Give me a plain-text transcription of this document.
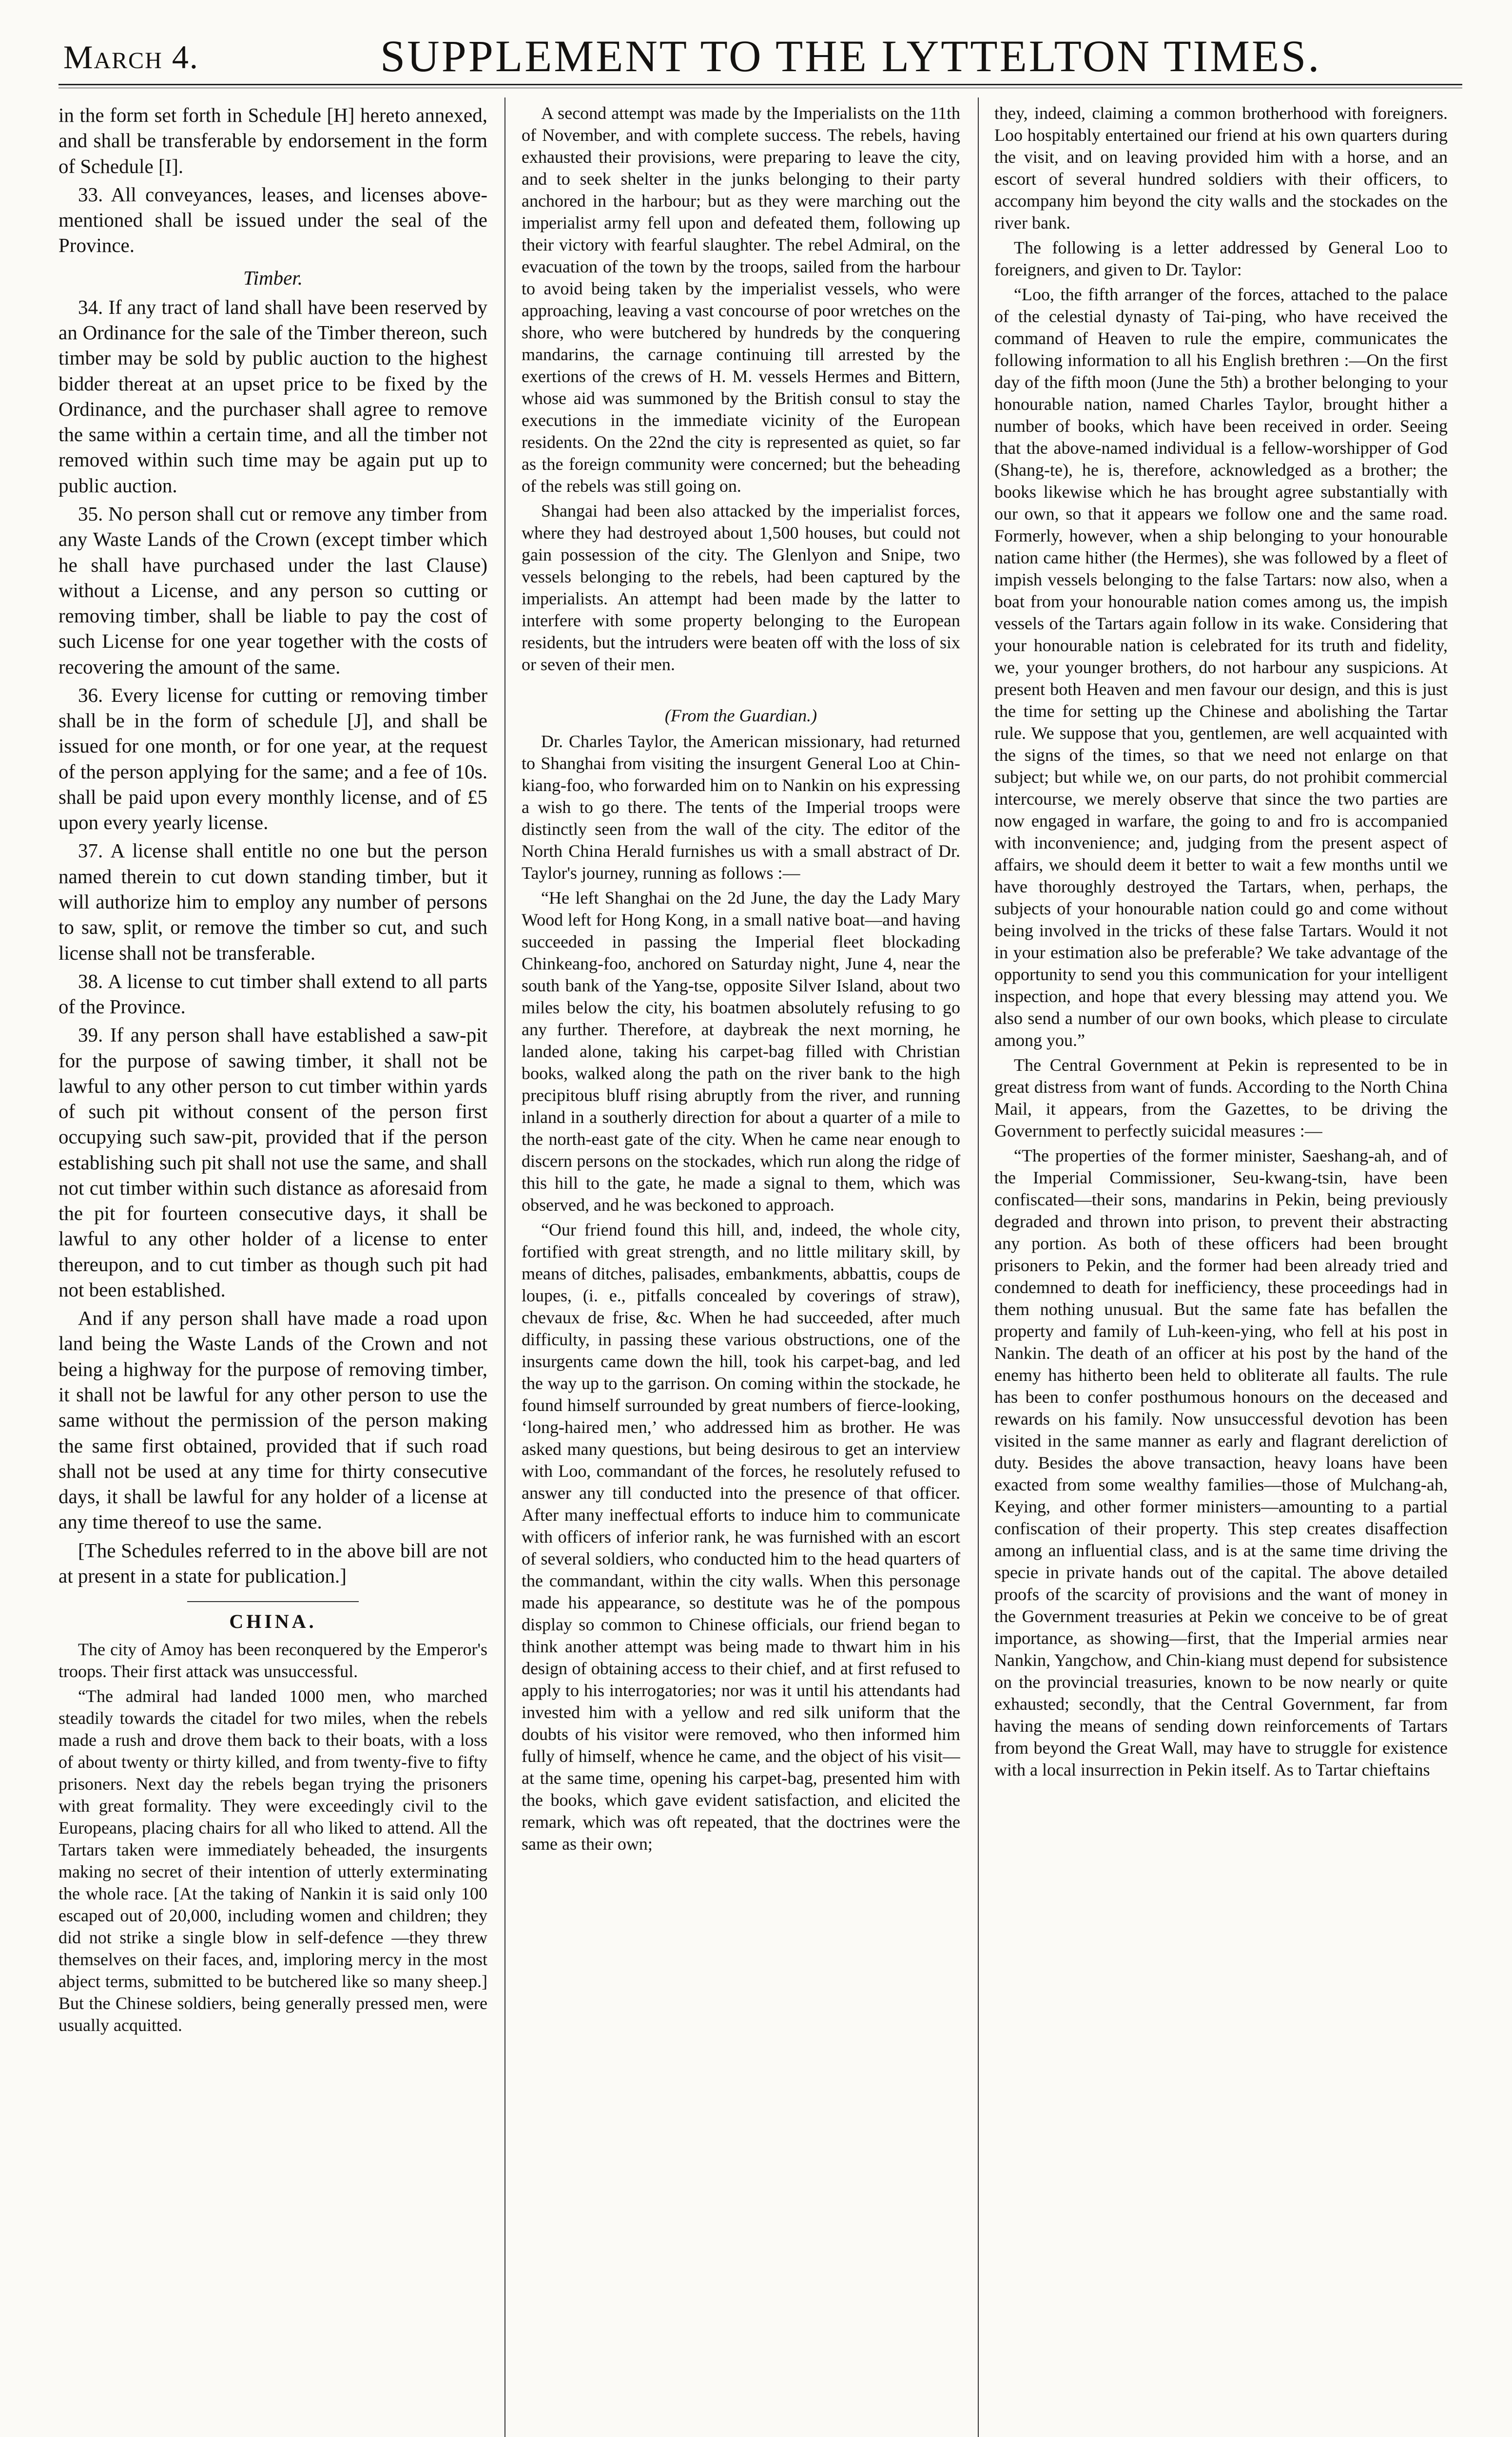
March 4.	SUPPLEMENT TO THE LYTTELTON TIMES.

in the form set forth in Schedule [H] hereto annexed, and shall be transferable by endorsement in the form of Schedule [I].

33. All conveyances, leases, and licenses above-mentioned shall be issued under the seal of the Province.

Timber.

34. If any tract of land shall have been reserved by an Ordinance for the sale of the Timber thereon, such timber may be sold by public auction to the highest bidder thereat at an upset price to be fixed by the Ordinance, and the purchaser shall agree to remove the same within a certain time, and all the timber not removed within such time may be again put up to public auction.

35. No person shall cut or remove any timber from any Waste Lands of the Crown (except timber which he shall have purchased under the last Clause) without a License, and any person so cutting or removing timber, shall be liable to pay the cost of such License for one year together with the costs of recovering the amount of the same.

36. Every license for cutting or removing timber shall be in the form of schedule [J], and shall be issued for one month, or for one year, at the request of the person applying for the same; and a fee of 10s. shall be paid upon every monthly license, and of £5 upon every yearly license.

37. A license shall entitle no one but the person named therein to cut down standing timber, but it will authorize him to employ any number of persons to saw, split, or remove the timber so cut, and such license shall not be transferable.

38. A license to cut timber shall extend to all parts of the Province.

39. If any person shall have established a saw-pit for the purpose of sawing timber, it shall not be lawful to any other person to cut timber within yards of such pit without consent of the person first occupying such saw-pit, provided that if the person establishing such pit shall not use the same, and shall not cut timber within such distance as aforesaid from the pit for fourteen consecutive days, it shall be lawful to any other holder of a license to enter thereupon, and to cut timber as though such pit had not been established.

And if any person shall have made a road upon land being the Waste Lands of the Crown and not being a highway for the purpose of removing timber, it shall not be lawful for any other person to use the same without the permission of the person making the same first obtained, provided that if such road shall not be used at any time for thirty consecutive days, it shall be lawful for any holder of a license at any time thereof to use the same.

[The Schedules referred to in the above bill are not at present in a state for publication.]

CHINA.

The city of Amoy has been reconquered by the Emperor's troops. Their first attack was unsuccessful.

“The admiral had landed 1000 men, who marched steadily towards the citadel for two miles, when the rebels made a rush and drove them back to their boats, with a loss of about twenty or thirty killed, and from twenty-five to fifty prisoners. Next day the rebels began trying the prisoners with great formality. They were exceedingly civil to the Europeans, placing chairs for all who liked to attend. All the Tartars taken were immediately beheaded, the insurgents making no secret of their intention of utterly exterminating the whole race. [At the taking of Nankin it is said only 100 escaped out of 20,000, including women and children; they did not strike a single blow in self-defence —they threw themselves on their faces, and, imploring mercy in the most abject terms, submitted to be butchered like so many sheep.] But the Chinese soldiers, being generally pressed men, were usually acquitted.

A second attempt was made by the Imperialists on the 11th of November, and with complete success. The rebels, having exhausted their provisions, were preparing to leave the city, and to seek shelter in the junks belonging to their party anchored in the harbour; but as they were marching out the imperialist army fell upon and defeated them, following up their victory with fearful slaughter. The rebel Admiral, on the evacuation of the town by the troops, sailed from the harbour to avoid being taken by the imperialist vessels, who were approaching, leaving a vast concourse of poor wretches on the shore, who were butchered by hundreds by the conquering mandarins, the carnage continuing till arrested by the exertions of the crews of H. M. vessels Hermes and Bittern, whose aid was summoned by the British consul to stay the executions in the immediate vicinity of the European residents. On the 22nd the city is represented as quiet, so far as the foreign community were concerned; but the beheading of the rebels was still going on.

Shangai had been also attacked by the imperialist forces, where they had destroyed about 1,500 houses, but could not gain possession of the city. The Glenlyon and Snipe, two vessels belonging to the rebels, had been captured by the imperialists. An attempt had been made by the latter to interfere with some property belonging to the European residents, but the intruders were beaten off with the loss of six or seven of their men.

(From the Guardian.)

Dr. Charles Taylor, the American missionary, had returned to Shanghai from visiting the insurgent General Loo at Chin-kiang-foo, who forwarded him on to Nankin on his expressing a wish to go there. The tents of the Imperial troops were distinctly seen from the wall of the city. The editor of the North China Herald furnishes us with a small abstract of Dr. Taylor's journey, running as follows :—

“He left Shanghai on the 2d June, the day the Lady Mary Wood left for Hong Kong, in a small native boat—and having succeeded in passing the Imperial fleet blockading Chinkeang-foo, anchored on Saturday night, June 4, near the south bank of the Yang-tse, opposite Silver Island, about two miles below the city, his boatmen absolutely refusing to go any further. Therefore, at daybreak the next morning, he landed alone, taking his carpet-bag filled with Christian books, walked along the path on the river bank to the high precipitous bluff rising abruptly from the river, and running inland in a southerly direction for about a quarter of a mile to the north-east gate of the city. When he came near enough to discern persons on the stockades, which run along the ridge of this hill to the gate, he made a signal to them, which was observed, and he was beckoned to approach.

“Our friend found this hill, and, indeed, the whole city, fortified with great strength, and no little military skill, by means of ditches, palisades, embankments, abbattis, coups de loupes, (i. e., pitfalls concealed by coverings of straw), chevaux de frise, &c. When he had succeeded, after much difficulty, in passing these various obstructions, one of the insurgents came down the hill, took his carpet-bag, and led the way up to the garrison. On coming within the stockade, he found himself surrounded by great numbers of fierce-looking, ‘long-haired men,’ who addressed him as brother. He was asked many questions, but being desirous to get an interview with Loo, commandant of the forces, he resolutely refused to answer any till conducted into the presence of that officer. After many ineffectual efforts to induce him to communicate with officers of inferior rank, he was furnished with an escort of several soldiers, who conducted him to the head quarters of the commandant, within the city walls. When this personage made his appearance, so destitute was he of the pompous display so common to Chinese officials, our friend began to think another attempt was being made to thwart him in his design of obtaining access to their chief, and at first refused to apply to his interrogatories; nor was it until his attendants had invested him with a yellow and red silk uniform that the doubts of his visitor were removed, who then informed him fully of himself, whence he came, and the object of his visit—at the same time, opening his carpet-bag, presented him with the books, which gave evident satisfaction, and elicited the remark, which was oft repeated, that the doctrines were the same as their own;

they, indeed, claiming a common brotherhood with foreigners. Loo hospitably entertained our friend at his own quarters during the visit, and on leaving provided him with a horse, and an escort of several hundred soldiers with their officers, to accompany him beyond the city walls and the stockades on the river bank.

The following is a letter addressed by General Loo to foreigners, and given to Dr. Taylor:

“Loo, the fifth arranger of the forces, attached to the palace of the celestial dynasty of Tai-ping, who have received the command of Heaven to rule the empire, communicates the following information to all his English brethren :—On the first day of the fifth moon (June the 5th) a brother belonging to your honourable nation, named Charles Taylor, brought hither a number of books, which have been received in order. Seeing that the above-named individual is a fellow-worshipper of God (Shang-te), he is, therefore, acknowledged as a brother; the books likewise which he has brought agree substantially with our own, so that it appears we follow one and the same road. Formerly, however, when a ship belonging to your honourable nation came hither (the Hermes), she was followed by a fleet of impish vessels belonging to the false Tartars: now also, when a boat from your honourable nation comes among us, the impish vessels of the Tartars again follow in its wake. Considering that your honourable nation is celebrated for its truth and fidelity, we, your younger brothers, do not harbour any suspicions. At present both Heaven and men favour our design, and this is just the time for setting up the Chinese and abolishing the Tartar rule. We suppose that you, gentlemen, are well acquainted with the signs of the times, so that we need not enlarge on that subject; but while we, on our parts, do not prohibit commercial intercourse, we merely observe that since the two parties are now engaged in warfare, the going to and fro is accompanied with inconvenience; and, judging from the present aspect of affairs, we should deem it better to wait a few months until we have thoroughly destroyed the Tartars, when, perhaps, the subjects of your honourable nation could go and come without being involved in the tricks of these false Tartars. Would it not in your estimation also be preferable? We take advantage of the opportunity to send you this communication for your intelligent inspection, and hope that every blessing may attend you. We also send a number of our own books, which please to circulate among you.”

The Central Government at Pekin is represented to be in great distress from want of funds. According to the North China Mail, it appears, from the Gazettes, to be driving the Government to perfectly suicidal measures :—

“The properties of the former minister, Saeshang-ah, and of the Imperial Commissioner, Seu-kwang-tsin, have been confiscated—their sons, mandarins in Pekin, being previously degraded and thrown into prison, to prevent their abstracting any portion. As both of these officers had been brought prisoners to Pekin, and the former had been already tried and condemned to death for inefficiency, these proceedings had in them nothing unusual. But the same fate has befallen the property and family of Luh-keen-ying, who fell at his post in Nankin. The death of an officer at his post by the hand of the enemy has hitherto been held to obliterate all faults. The rule has been to confer posthumous honours on the deceased and rewards on his family. Now unsuccessful devotion has been visited in the same manner as early and flagrant dereliction of duty. Besides the above transaction, heavy loans have been exacted from some wealthy families—those of Mulchang-ah, Keying, and other former ministers—amounting to a partial confiscation of their property. This step creates disaffection among an influential class, and is at the same time driving the specie in private hands out of the capital. The above detailed proofs of the scarcity of provisions and the want of money in the Government treasuries at Pekin we conceive to be of great importance, as showing—first, that the Imperial armies near Nankin, Yangchow, and Chin-kiang must depend for subsistence on the provincial treasuries, known to be now nearly or quite exhausted; secondly, that the Central Government, far from having the means of sending down reinforcements of Tartars from beyond the Great Wall, may have to struggle for existence with a local insurrection in Pekin itself. As to Tartar chieftains
